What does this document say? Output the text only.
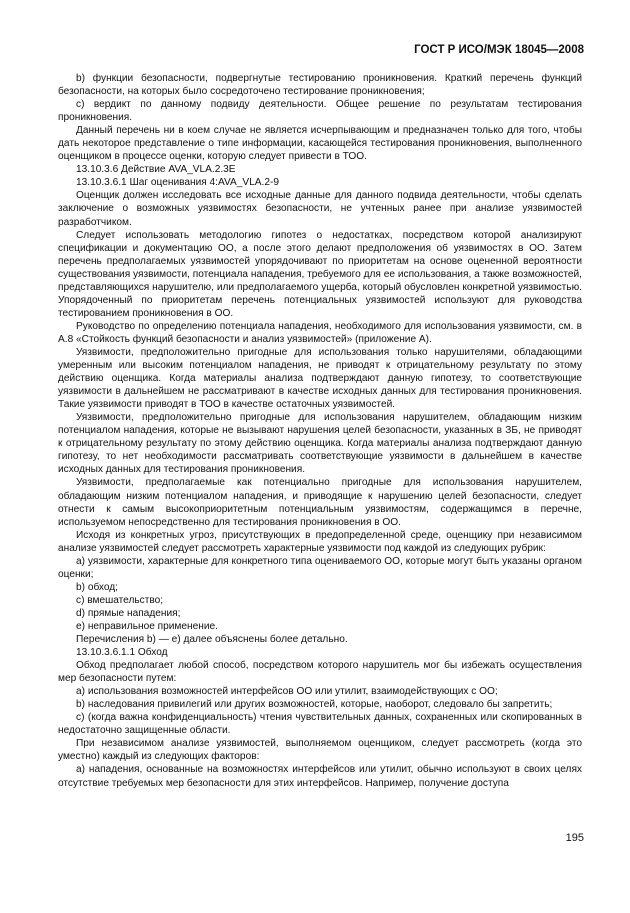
ГОСТ Р ИСО/МЭК 18045—2008

b) функции безопасности, подвергнутые тестированию проникновения. Краткий перечень функций безопасности, на которых было сосредоточено тестирование проникновения;

c) вердикт по данному подвиду деятельности. Общее решение по результатам тестирования проникновения.

Данный перечень ни в коем случае не является исчерпывающим и предназначен только для того, чтобы дать некоторое представление о типе информации, касающейся тестирования проникновения, выполненного оценщиком в процессе оценки, которую следует привести в ТОО.

13.10.3.6 Действие AVA_VLA.2.3E

13.10.3.6.1 Шаг оценивания 4:AVA_VLA.2-9

Оценщик должен исследовать все исходные данные для данного подвида деятельности, чтобы сделать заключение о возможных уязвимостях безопасности, не учтенных ранее при анализе уязвимостей разработчиком.

Следует использовать методологию гипотез о недостатках, посредством которой анализируют спецификации и документацию ОО, а после этого делают предположения об уязвимостях в ОО. Затем перечень предполагаемых уязвимостей упорядочивают по приоритетам на основе оцененной вероятности существования уязвимости, потенциала нападения, требуемого для ее использования, а также возможностей, представляющихся нарушителю, или предполагаемого ущерба, который обусловлен конкретной уязвимостью. Упорядоченный по приоритетам перечень потенциальных уязвимостей используют для руководства тестированием проникновения в ОО.

Руководство по определению потенциала нападения, необходимого для использования уязвимости, см. в А.8 «Стойкость функций безопасности и анализ уязвимостей» (приложение А).

Уязвимости, предположительно пригодные для использования только нарушителями, обладающими умеренным или высоким потенциалом нападения, не приводят к отрицательному результату по этому действию оценщика. Когда материалы анализа подтверждают данную гипотезу, то соответствующие уязвимости в дальнейшем не рассматривают в качестве исходных данных для тестирования проникновения. Такие уязвимости приводят в ТОО в качестве остаточных уязвимостей.

Уязвимости, предположительно пригодные для использования нарушителем, обладающим низким потенциалом нападения, которые не вызывают нарушения целей безопасности, указанных в ЗБ, не приводят к отрицательному результату по этому действию оценщика. Когда материалы анализа подтверждают данную гипотезу, то нет необходимости рассматривать соответствующие уязвимости в дальнейшем в качестве исходных данных для тестирования проникновения.

Уязвимости, предполагаемые как потенциально пригодные для использования нарушителем, обладающим низким потенциалом нападения, и приводящие к нарушению целей безопасности, следует отнести к самым высокоприоритетным потенциальным уязвимостям, содержащимся в перечне, используемом непосредственно для тестирования проникновения в ОО.

Исходя из конкретных угроз, присутствующих в предопределенной среде, оценщику при независимом анализе уязвимостей следует рассмотреть характерные уязвимости под каждой из следующих рубрик:

a) уязвимости, характерные для конкретного типа оцениваемого ОО, которые могут быть указаны органом оценки;

b) обход;

c) вмешательство;

d) прямые нападения;

e) неправильное применение.

Перечисления b) — e) далее объяснены более детально.

13.10.3.6.1.1 Обход

Обход предполагает любой способ, посредством которого нарушитель мог бы избежать осуществления мер безопасности путем:

a) использования возможностей интерфейсов ОО или утилит, взаимодействующих с ОО;

b) наследования привилегий или других возможностей, которые, наоборот, следовало бы запретить;

c) (когда важна конфиденциальность) чтения чувствительных данных, сохраненных или скопированных в недостаточно защищенные области.

При независимом анализе уязвимостей, выполняемом оценщиком, следует рассмотреть (когда это уместно) каждый из следующих факторов:

a) нападения, основанные на возможностях интерфейсов или утилит, обычно используют в своих целях отсутствие требуемых мер безопасности для этих интерфейсов. Например, получение доступа

195
